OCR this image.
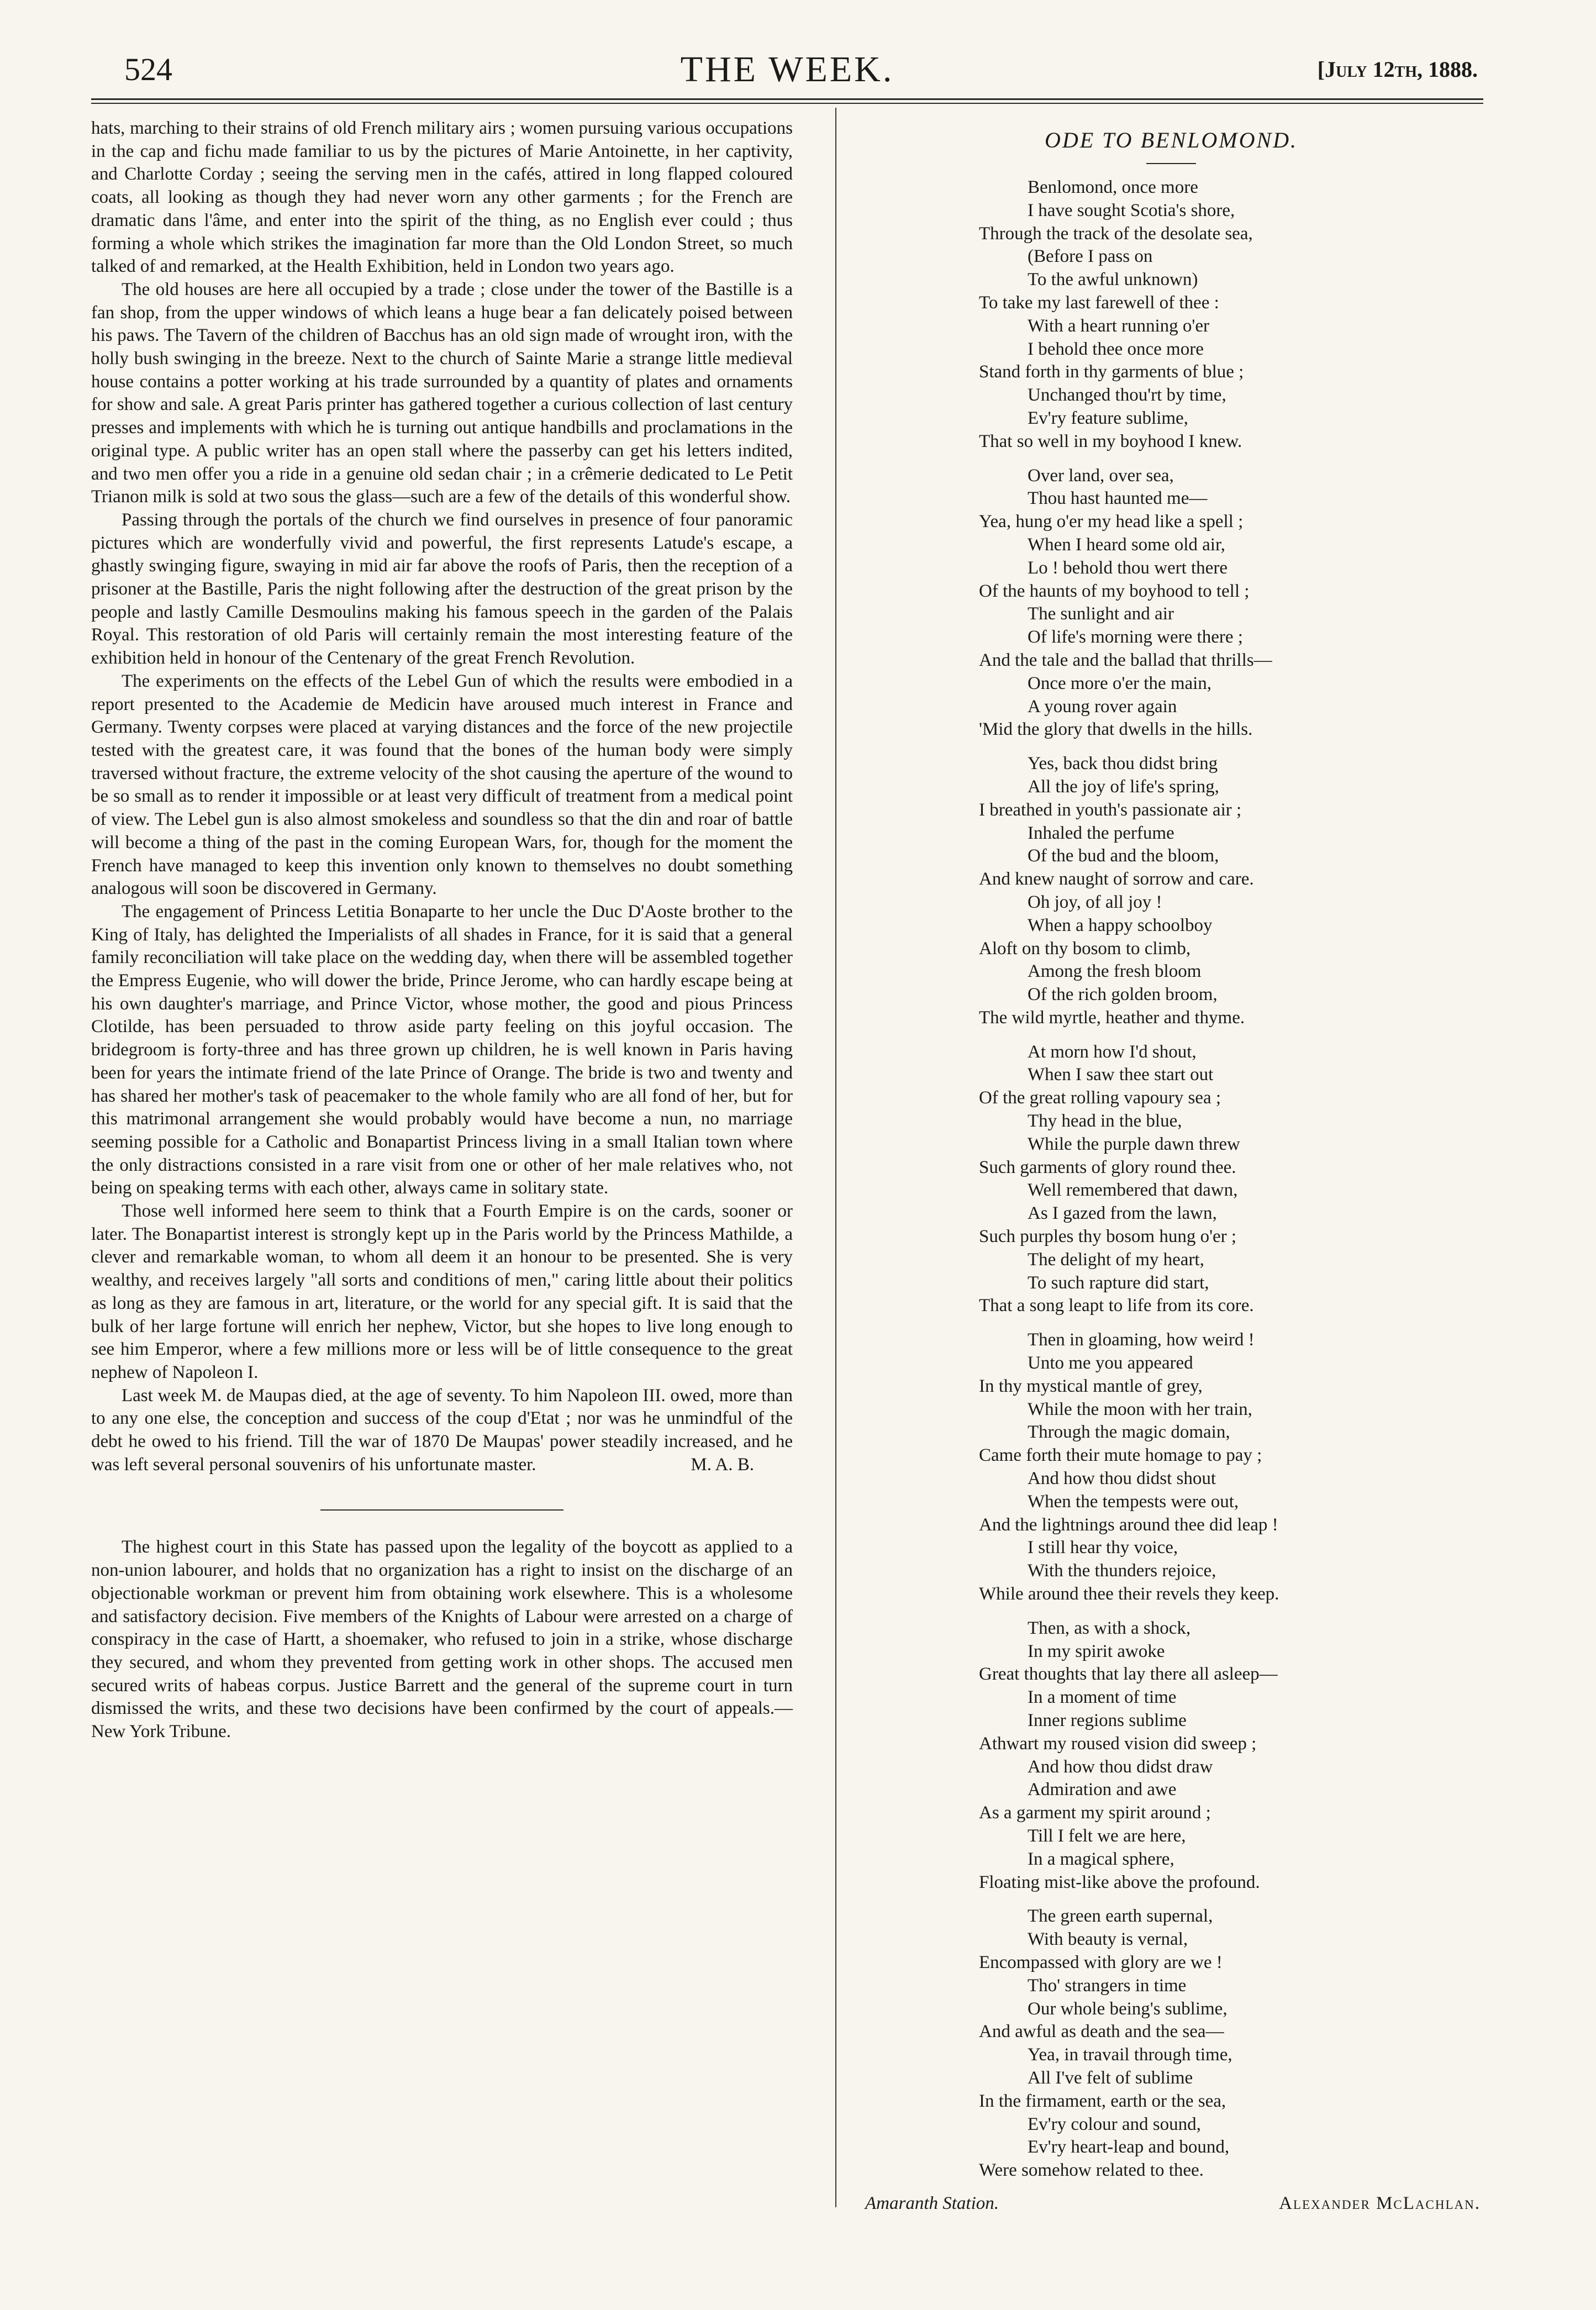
524	THE WEEK.	[July 12th, 1888.

hats, marching to their strains of old French military airs ; women pursuing various occupations in the cap and fichu made familiar to us by the pictures of Marie Antoinette, in her captivity, and Charlotte Corday ; seeing the serving men in the cafés, attired in long flapped coloured coats, all looking as though they had never worn any other garments ; for the French are dramatic dans l'âme, and enter into the spirit of the thing, as no English ever could ; thus forming a whole which strikes the imagination far more than the Old London Street, so much talked of and remarked, at the Health Exhibition, held in London two years ago.

The old houses are here all occupied by a trade ; close under the tower of the Bastille is a fan shop, from the upper windows of which leans a huge bear a fan delicately poised between his paws. The Tavern of the children of Bacchus has an old sign made of wrought iron, with the holly bush swinging in the breeze. Next to the church of Sainte Marie a strange little medieval house contains a potter working at his trade surrounded by a quantity of plates and ornaments for show and sale. A great Paris printer has gathered together a curious collection of last century presses and implements with which he is turning out antique handbills and proclamations in the original type. A public writer has an open stall where the passerby can get his letters indited, and two men offer you a ride in a genuine old sedan chair ; in a crêmerie dedicated to Le Petit Trianon milk is sold at two sous the glass—such are a few of the details of this wonderful show.

Passing through the portals of the church we find ourselves in presence of four panoramic pictures which are wonderfully vivid and powerful, the first represents Latude's escape, a ghastly swinging figure, swaying in mid air far above the roofs of Paris, then the reception of a prisoner at the Bastille, Paris the night following after the destruction of the great prison by the people and lastly Camille Desmoulins making his famous speech in the garden of the Palais Royal. This restoration of old Paris will certainly remain the most interesting feature of the exhibition held in honour of the Centenary of the great French Revolution.

The experiments on the effects of the Lebel Gun of which the results were embodied in a report presented to the Academie de Medicin have aroused much interest in France and Germany. Twenty corpses were placed at varying distances and the force of the new projectile tested with the greatest care, it was found that the bones of the human body were simply traversed without fracture, the extreme velocity of the shot causing the aperture of the wound to be so small as to render it impossible or at least very difficult of treatment from a medical point of view. The Lebel gun is also almost smokeless and soundless so that the din and roar of battle will become a thing of the past in the coming European Wars, for, though for the moment the French have managed to keep this invention only known to themselves no doubt something analogous will soon be discovered in Germany.

The engagement of Princess Letitia Bonaparte to her uncle the Duc D'Aoste brother to the King of Italy, has delighted the Imperialists of all shades in France, for it is said that a general family reconciliation will take place on the wedding day, when there will be assembled together the Empress Eugenie, who will dower the bride, Prince Jerome, who can hardly escape being at his own daughter's marriage, and Prince Victor, whose mother, the good and pious Princess Clotilde, has been persuaded to throw aside party feeling on this joyful occasion. The bridegroom is forty-three and has three grown up children, he is well known in Paris having been for years the intimate friend of the late Prince of Orange. The bride is two and twenty and has shared her mother's task of peacemaker to the whole family who are all fond of her, but for this matrimonal arrangement she would probably would have become a nun, no marriage seeming possible for a Catholic and Bonapartist Princess living in a small Italian town where the only distractions consisted in a rare visit from one or other of her male relatives who, not being on speaking terms with each other, always came in solitary state.

Those well informed here seem to think that a Fourth Empire is on the cards, sooner or later. The Bonapartist interest is strongly kept up in the Paris world by the Princess Mathilde, a clever and remarkable woman, to whom all deem it an honour to be presented. She is very wealthy, and receives largely "all sorts and conditions of men," caring little about their politics as long as they are famous in art, literature, or the world for any special gift. It is said that the bulk of her large fortune will enrich her nephew, Victor, but she hopes to live long enough to see him Emperor, where a few millions more or less will be of little consequence to the great nephew of Napoleon I.

Last week M. de Maupas died, at the age of seventy. To him Napoleon III. owed, more than to any one else, the conception and success of the coup d'Etat ; nor was he unmindful of the debt he owed to his friend. Till the war of 1870 De Maupas' power steadily increased, and he was left several personal souvenirs of his unfortunate master.	M. A. B.

The highest court in this State has passed upon the legality of the boycott as applied to a non-union labourer, and holds that no organization has a right to insist on the discharge of an objectionable workman or prevent him from obtaining work elsewhere. This is a wholesome and satisfactory decision. Five members of the Knights of Labour were arrested on a charge of conspiracy in the case of Hartt, a shoemaker, who refused to join in a strike, whose discharge they secured, and whom they prevented from getting work in other shops. The accused men secured writs of habeas corpus. Justice Barrett and the general of the supreme court in turn dismissed the writs, and these two decisions have been confirmed by the court of appeals.—New York Tribune.

ODE TO BENLOMOND.
Benlomond, once more
I have sought Scotia's shore,
Through the track of the desolate sea,
(Before I pass on
To the awful unknown)
To take my last farewell of thee :
With a heart running o'er
I behold thee once more
Stand forth in thy garments of blue ;
Unchanged thou'rt by time,
Ev'ry feature sublime,
That so well in my boyhood I knew.
Over land, over sea,
Thou hast haunted me—
Yea, hung o'er my head like a spell ;
When I heard some old air,
Lo ! behold thou wert there
Of the haunts of my boyhood to tell ;
The sunlight and air
Of life's morning were there ;
And the tale and the ballad that thrills—
Once more o'er the main,
A young rover again
'Mid the glory that dwells in the hills.
Yes, back thou didst bring
All the joy of life's spring,
I breathed in youth's passionate air ;
Inhaled the perfume
Of the bud and the bloom,
And knew naught of sorrow and care.
Oh joy, of all joy !
When a happy schoolboy
Aloft on thy bosom to climb,
Among the fresh bloom
Of the rich golden broom,
The wild myrtle, heather and thyme.
At morn how I'd shout,
When I saw thee start out
Of the great rolling vapoury sea ;
Thy head in the blue,
While the purple dawn threw
Such garments of glory round thee.
Well remembered that dawn,
As I gazed from the lawn,
Such purples thy bosom hung o'er ;
The delight of my heart,
To such rapture did start,
That a song leapt to life from its core.
Then in gloaming, how weird !
Unto me you appeared
In thy mystical mantle of grey,
While the moon with her train,
Through the magic domain,
Came forth their mute homage to pay ;
And how thou didst shout
When the tempests were out,
And the lightnings around thee did leap !
I still hear thy voice,
With the thunders rejoice,
While around thee their revels they keep.
Then, as with a shock,
In my spirit awoke
Great thoughts that lay there all asleep—
In a moment of time
Inner regions sublime
Athwart my roused vision did sweep ;
And how thou didst draw
Admiration and awe
As a garment my spirit around ;
Till I felt we are here,
In a magical sphere,
Floating mist-like above the profound.
The green earth supernal,
With beauty is vernal,
Encompassed with glory are we !
Tho' strangers in time
Our whole being's sublime,
And awful as death and the sea—
Yea, in travail through time,
All I've felt of sublime
In the firmament, earth or the sea,
Ev'ry colour and sound,
Ev'ry heart-leap and bound,
Were somehow related to thee.
Amaranth Station.	Alexander McLachlan.
